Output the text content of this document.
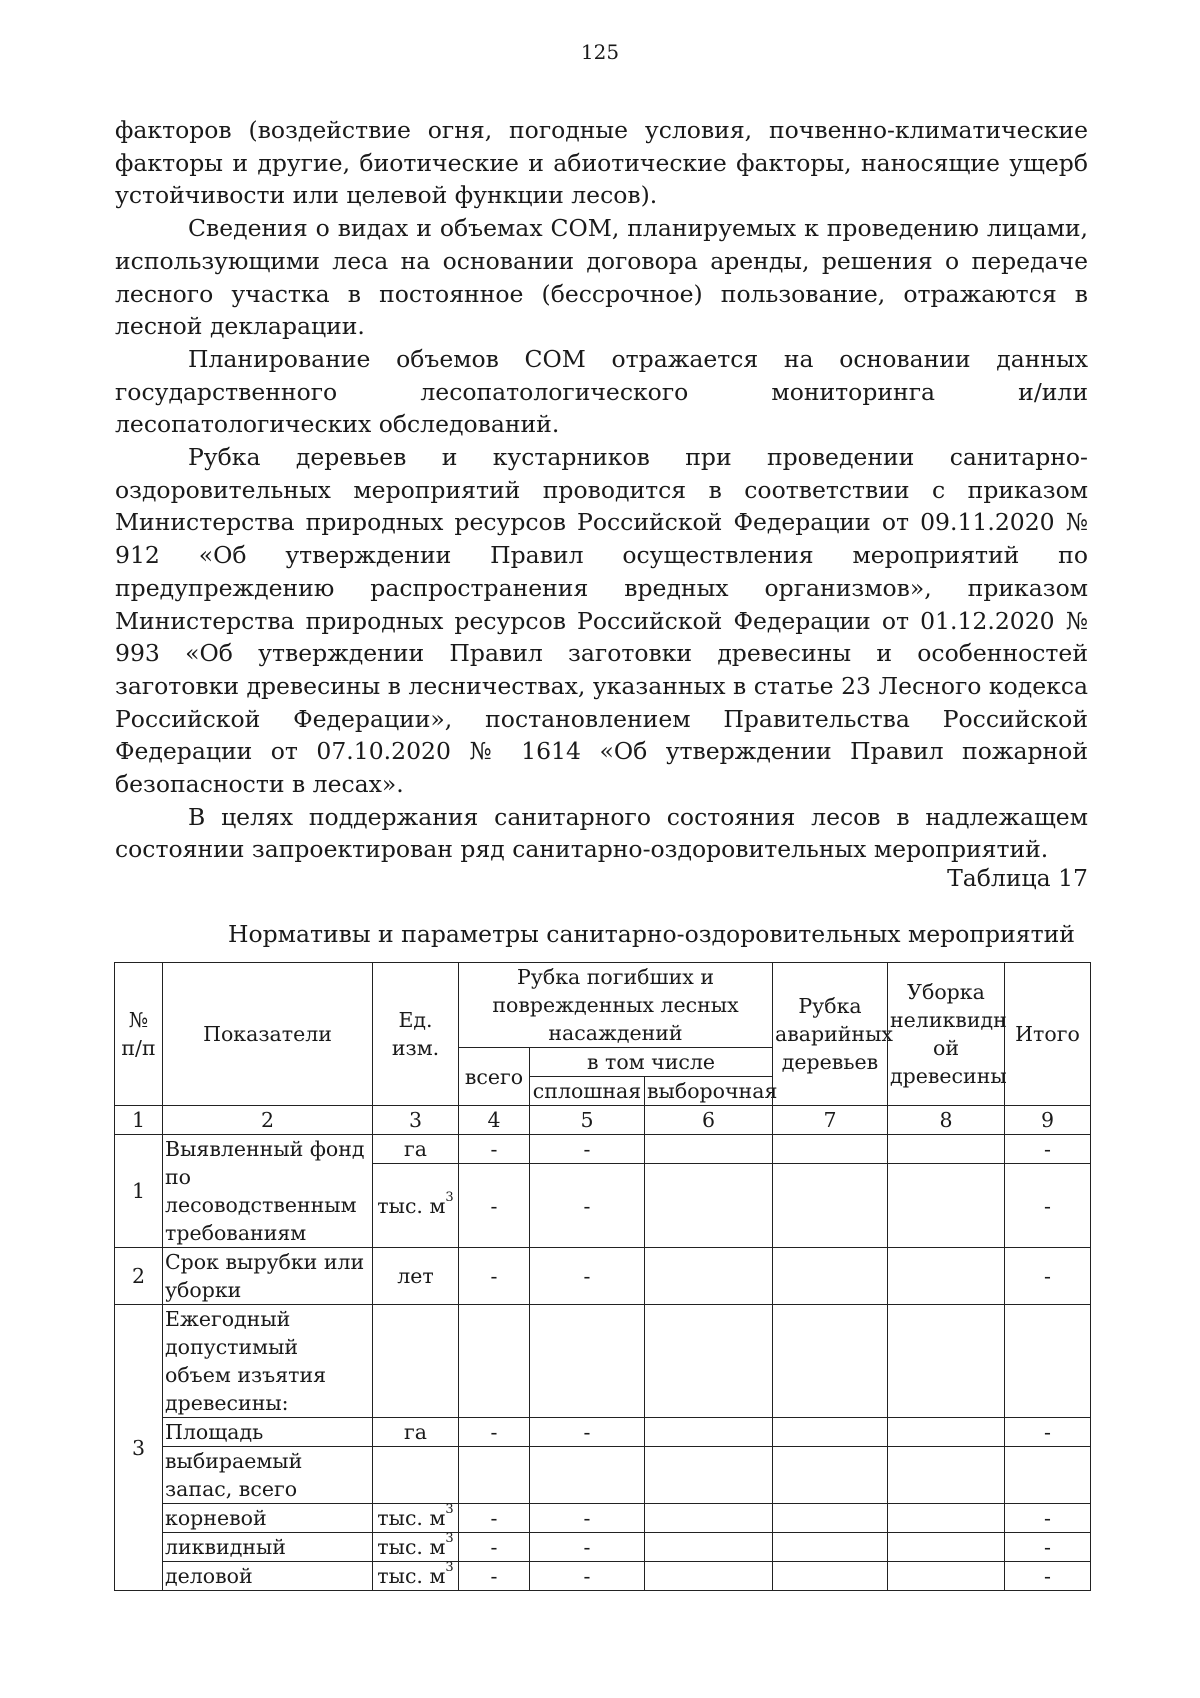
125

факторов (воздействие огня, погодные условия, почвенно-климатические факторы и другие, биотические и абиотические факторы, наносящие ущерб устойчивости или целевой функции лесов).

Сведения о видах и объемах СОМ, планируемых к проведению лицами, использующими леса на основании договора аренды, решения о передаче лесного участка в постоянное (бессрочное) пользование, отражаются в лесной декларации.

Планирование объемов СОМ отражается на основании данных государственного лесопатологического мониторинга и/или лесопатологических обследований.

Рубка деревьев и кустарников при проведении санитарно-оздоровительных мероприятий проводится в соответствии с приказом Министерства природных ресурсов Российской Федерации от 09.11.2020 № 912 «Об утверждении Правил осуществления мероприятий по предупреждению распространения вредных организмов», приказом Министерства природных ресурсов Российской Федерации от 01.12.2020 № 993 «Об утверждении Правил заготовки древесины и особенностей заготовки древесины в лесничествах, указанных в статье 23 Лесного кодекса Российской Федерации», постановлением Правительства Российской Федерации от 07.10.2020 № 1614 «Об утверждении Правил пожарной безопасности в лесах».

В целях поддержания санитарного состояния лесов в надлежащем состоянии запроектирован ряд санитарно-оздоровительных мероприятий.

Таблица 17
Нормативы и параметры санитарно-оздоровительных мероприятий
№ п/п	Показатели	Ед. изм.	Рубка погибших и поврежденных лесных насаждений			Рубка аварийных деревьев	Уборка неликвидн ой древесины	Итого
			всего	в том числе				
				сплошная	выборочная			
1	2	3	4	5	6	7	8	9
1	Выявленный фонд по лесоводственным требованиям	га	-	-				-
		тыс. $м^3$	-	-				-
2	Срок вырубки или уборки	лет	-	-				-
3	Ежегодный допустимый объем изъятия древесины:							
	Площадь	га	-	-				-
	выбираемый запас, всего							
	корневой	тыс. $м^3$	-	-				-
	ликвидный	тыс. $м^3$	-	-				-
	деловой	тыс. $м^3$	-	-				-
